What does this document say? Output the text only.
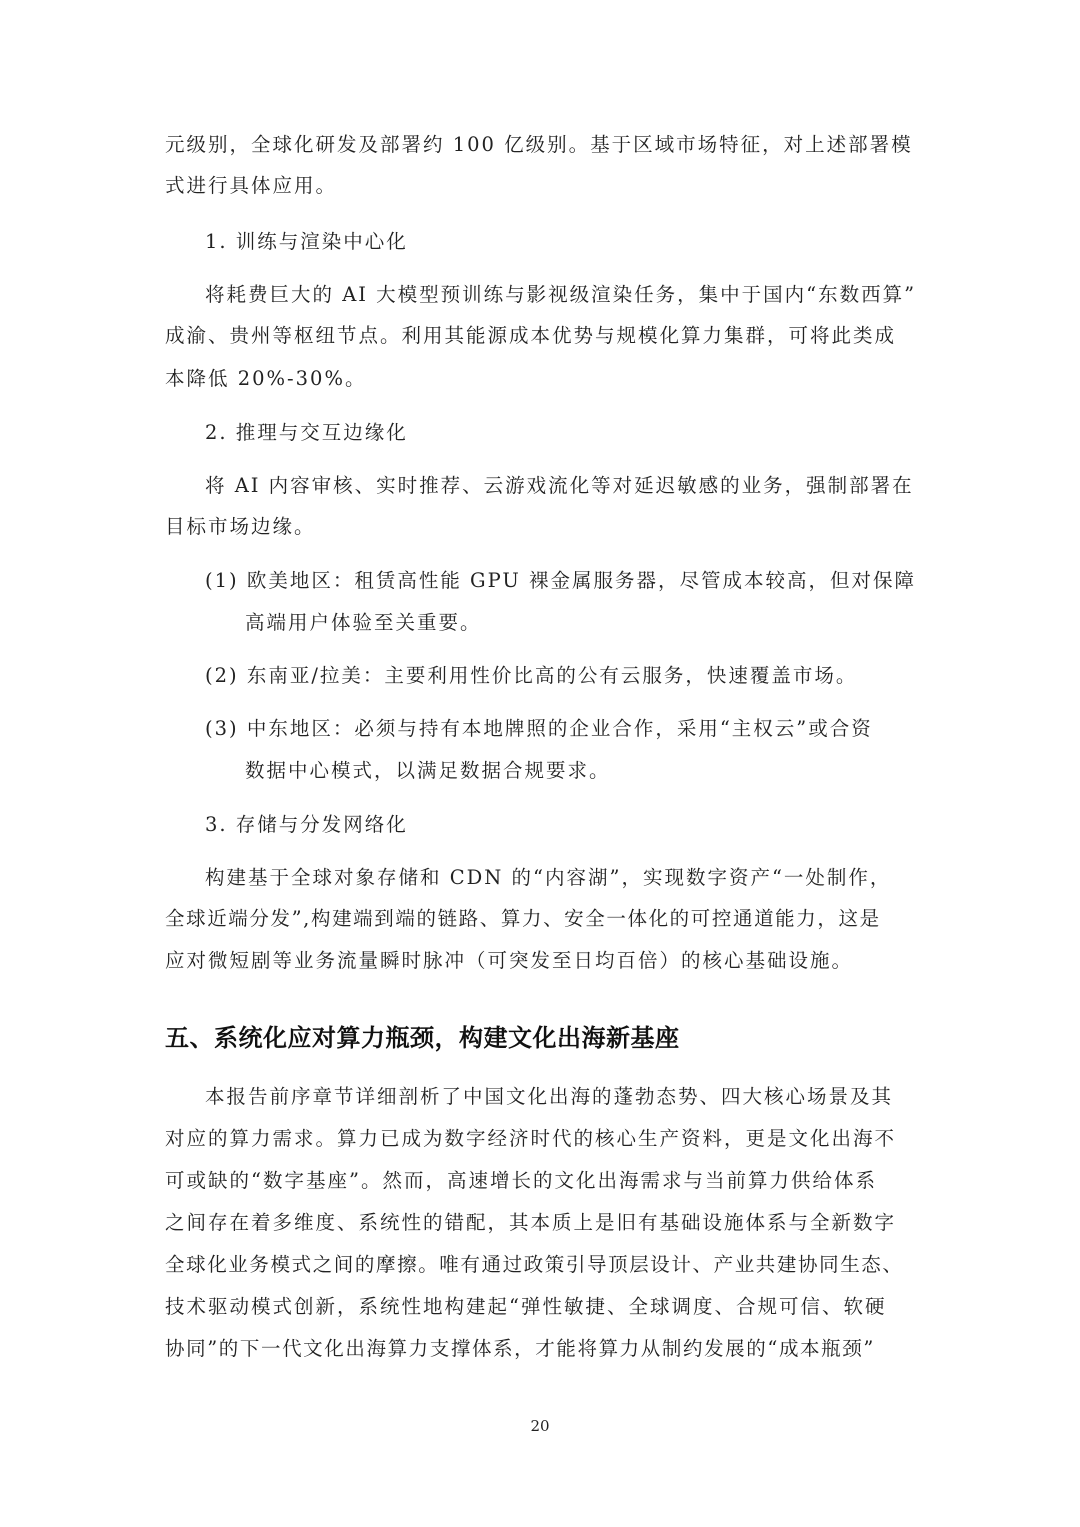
元级别，全球化研发及部署约 100 亿级别。基于区域市场特征，对上述部署模
式进行具体应用。
1. 训练与渲染中心化
将耗费巨大的 AI 大模型预训练与影视级渲染任务，集中于国内“东数西算”
成渝、贵州等枢纽节点。利用其能源成本优势与规模化算力集群，可将此类成
本降低 20%-30%。
2. 推理与交互边缘化
将 AI 内容审核、实时推荐、云游戏流化等对延迟敏感的业务，强制部署在
目标市场边缘。
(1) 欧美地区：租赁高性能 GPU 裸金属服务器，尽管成本较高，但对保障
高端用户体验至关重要。
(2) 东南亚/拉美：主要利用性价比高的公有云服务，快速覆盖市场。
(3) 中东地区：必须与持有本地牌照的企业合作，采用“主权云”或合资
数据中心模式，以满足数据合规要求。
3. 存储与分发网络化
构建基于全球对象存储和 CDN 的“内容湖”，实现数字资产“一处制作，
全球近端分发”,构建端到端的链路、算力、安全一体化的可控通道能力，这是
应对微短剧等业务流量瞬时脉冲（可突发至日均百倍）的核心基础设施。
五、系统化应对算力瓶颈，构建文化出海新基座
本报告前序章节详细剖析了中国文化出海的蓬勃态势、四大核心场景及其
对应的算力需求。算力已成为数字经济时代的核心生产资料，更是文化出海不
可或缺的“数字基座”。然而，高速增长的文化出海需求与当前算力供给体系
之间存在着多维度、系统性的错配，其本质上是旧有基础设施体系与全新数字
全球化业务模式之间的摩擦。唯有通过政策引导顶层设计、产业共建协同生态、
技术驱动模式创新，系统性地构建起“弹性敏捷、全球调度、合规可信、软硬
协同”的下一代文化出海算力支撑体系，才能将算力从制约发展的“成本瓶颈”
20
